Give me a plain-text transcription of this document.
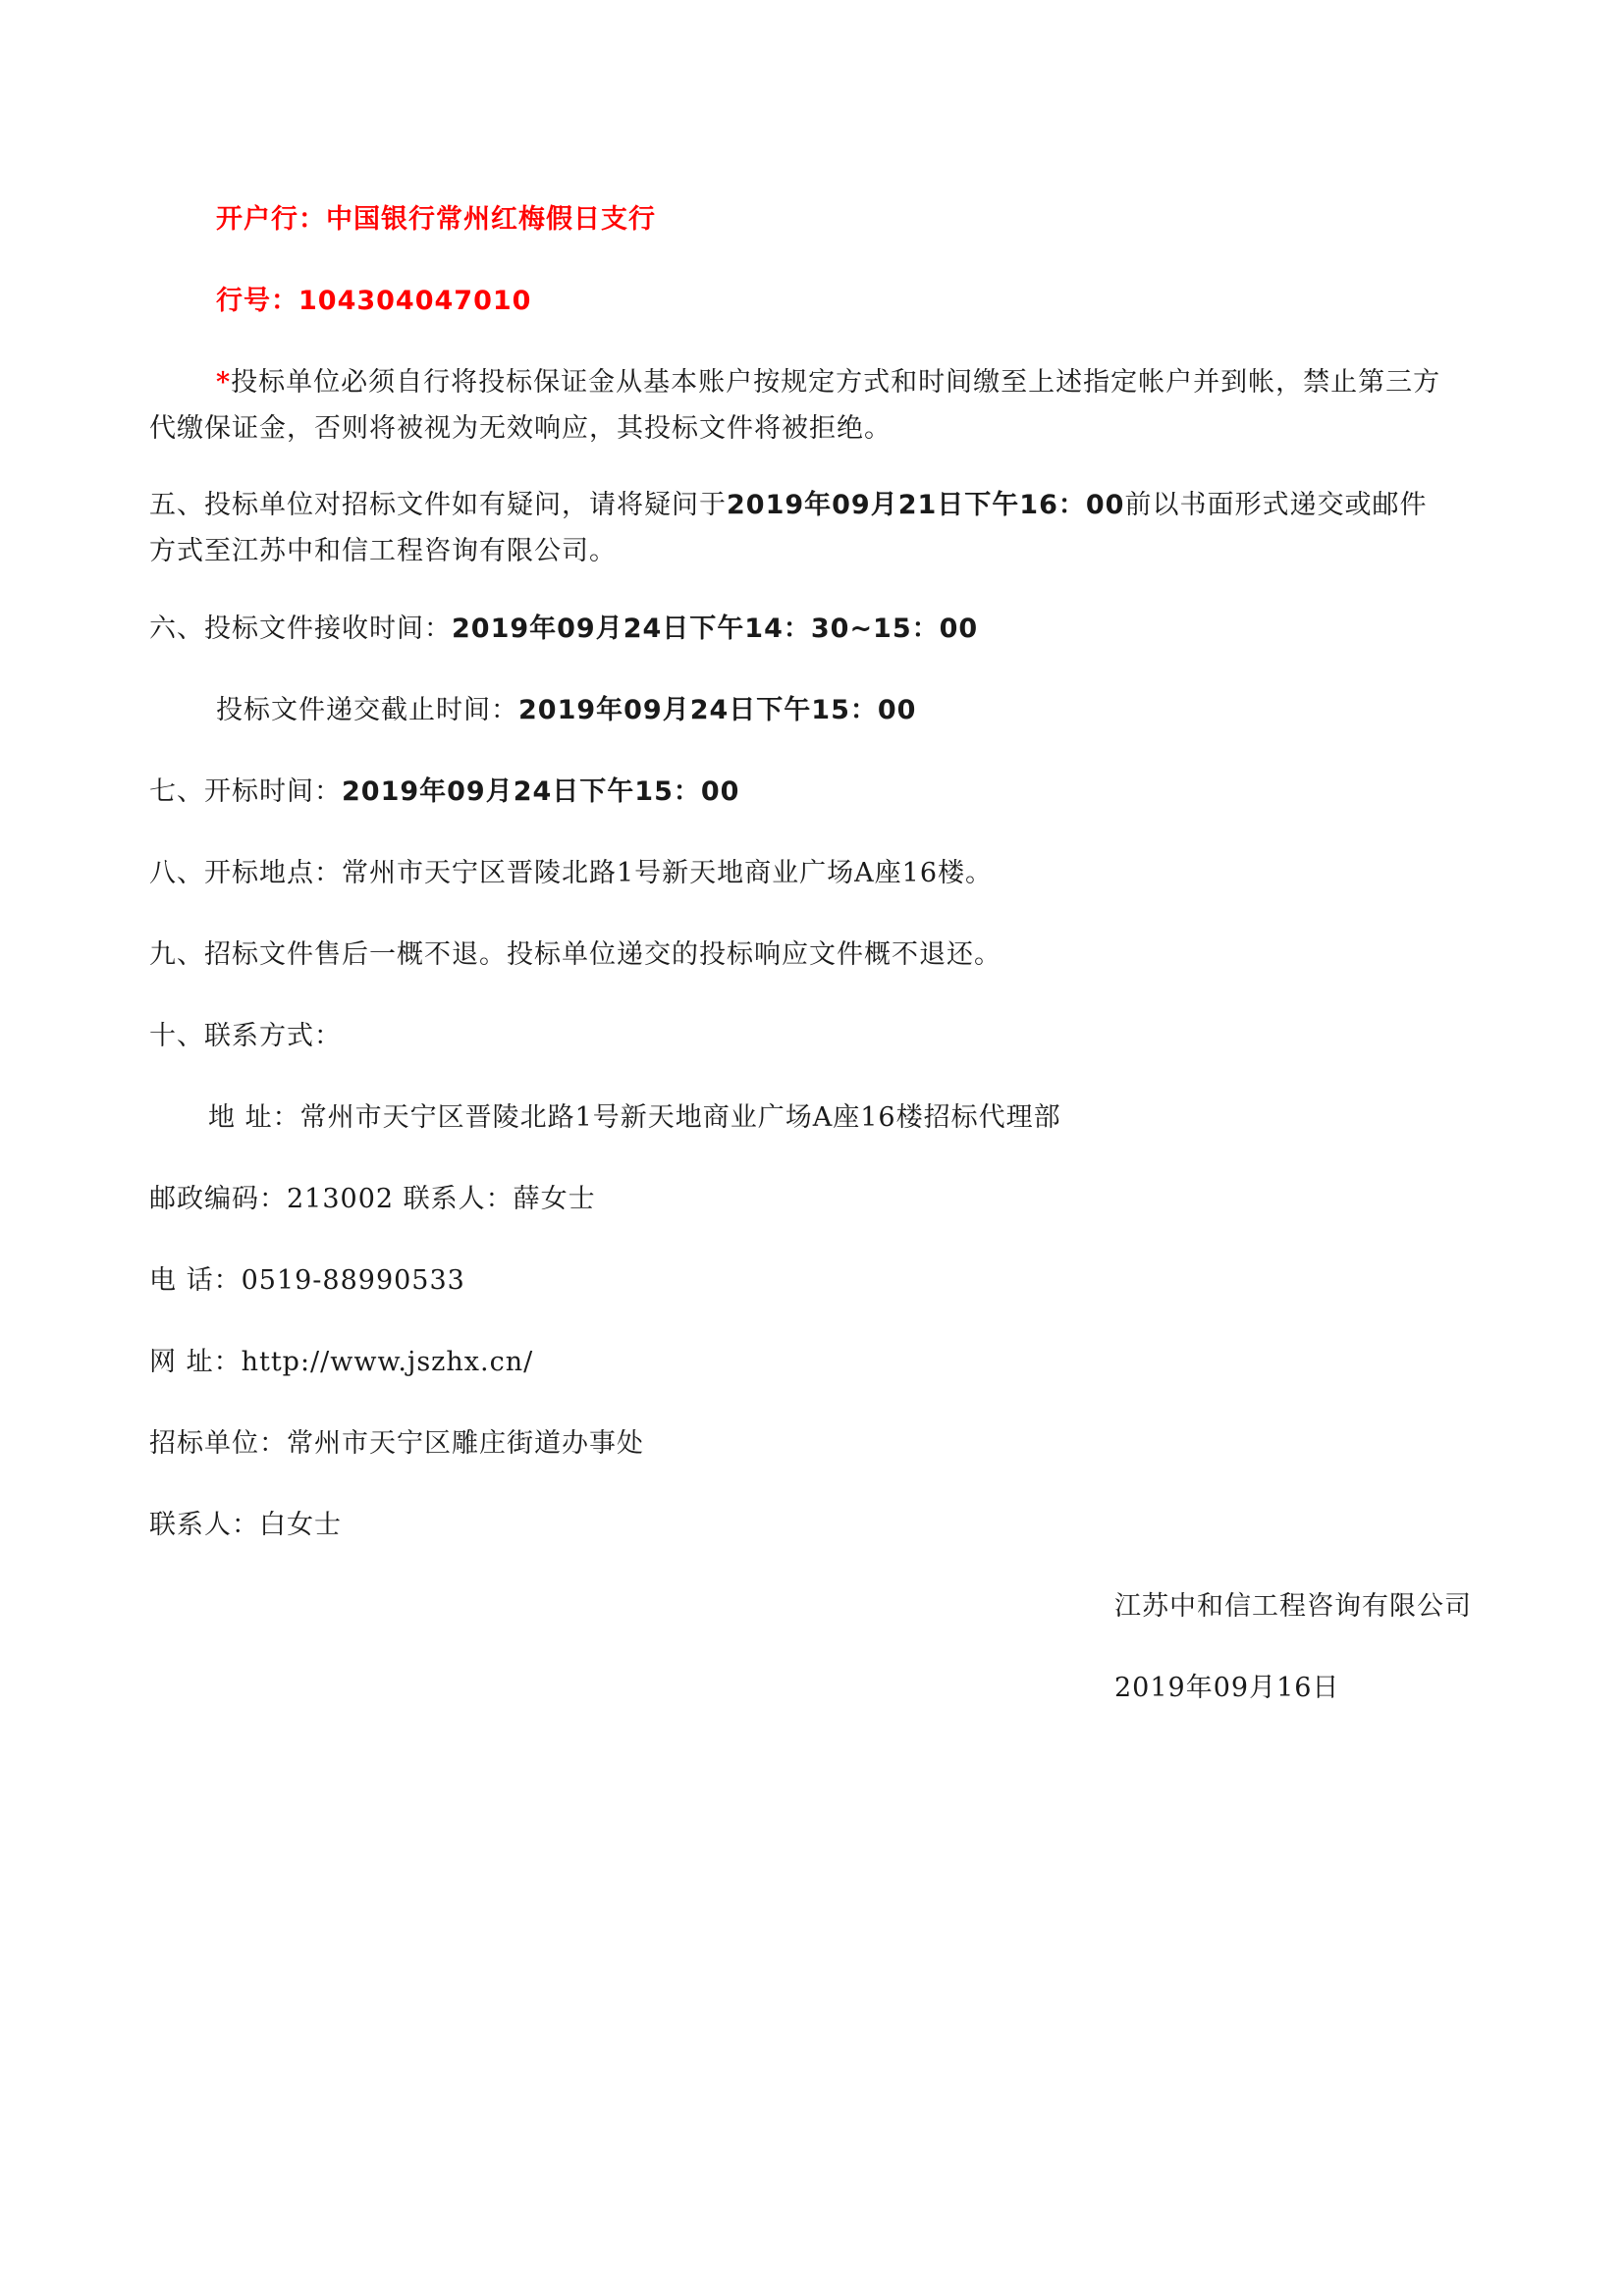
开户行：中国银行常州红梅假日支行
行号：104304047010
*投标单位必须自行将投标保证金从基本账户按规定方式和时间缴至上述指定帐户并到帐，禁止第三方
代缴保证金，否则将被视为无效响应，其投标文件将被拒绝。
五、投标单位对招标文件如有疑问，请将疑问于2019年09月21日下午16：00前以书面形式递交或邮件
方式至江苏中和信工程咨询有限公司。
六、投标文件接收时间：2019年09月24日下午14：30~15：00
投标文件递交截止时间：2019年09月24日下午15：00
七、开标时间：2019年09月24日下午15：00
八、开标地点：常州市天宁区晋陵北路1号新天地商业广场A座16楼。
九、招标文件售后一概不退。投标单位递交的投标响应文件概不退还。
十、联系方式：
地 址：常州市天宁区晋陵北路1号新天地商业广场A座16楼招标代理部
邮政编码：213002 联系人：薛女士
电 话：0519-88990533
网 址：http://www.jszhx.cn/
招标单位：常州市天宁区雕庄街道办事处
联系人：白女士
江苏中和信工程咨询有限公司
2019年09月16日
